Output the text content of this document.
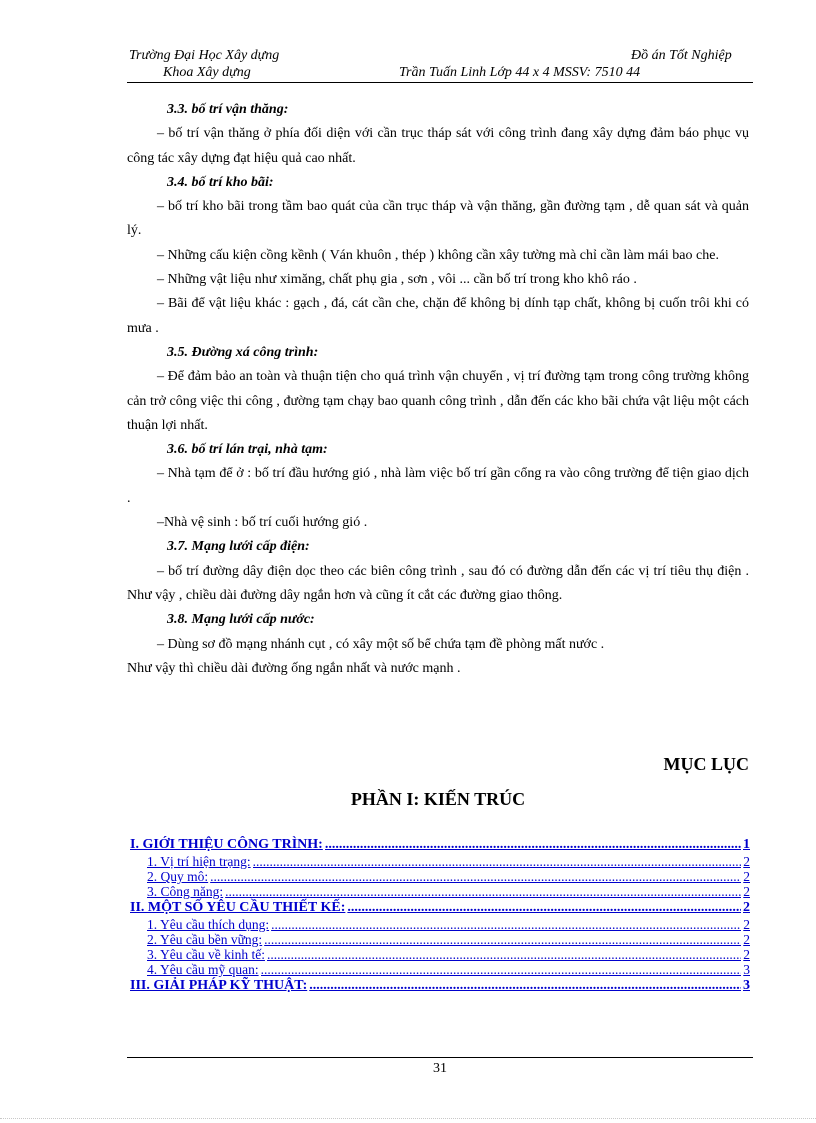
Trường Đại Học Xây dựng	Đồ án Tốt Nghiệp
Khoa Xây dựng	Trần Tuấn Linh Lớp 44 x 4 MSSV: 7510 44

3.3. bố trí vận thăng:

– bố trí vận thăng ở phía đối diện với cần trục tháp sát với công trình đang xây dựng đảm báo phục vụ công tác xây dựng đạt hiệu quả cao nhất.

3.4. bố trí kho bãi:

– bố trí kho bãi trong tầm bao quát của cần trục tháp và vận thăng, gần đường tạm , dễ quan sát và quản lý.

– Những cấu kiện cồng kềnh ( Ván khuôn , thép ) không cần xây tường mà chỉ cần làm mái bao che.

– Những vật liệu như ximăng, chất phụ gia , sơn , vôi ... cần bố trí trong kho khô ráo .

– Bãi để vật liệu khác : gạch , đá, cát cần che, chặn để không bị dính tạp chất, không bị cuốn trôi khi có mưa .

3.5. Đường xá công trình:

– Để đảm bảo an toàn và thuận tiện cho quá trình vận chuyển , vị trí đường tạm trong công trường không cản trở công việc thi công , đường tạm chạy bao quanh công trình , dẫn đến các kho bãi chứa vật liệu một cách thuận lợi nhất.

3.6. bố trí lán trại, nhà tạm:

– Nhà tạm để ở : bố trí đầu hướng gió , nhà làm việc bố trí gần cổng ra vào công trường để tiện giao dịch .

–Nhà vệ sinh : bố trí cuối hướng gió .

3.7. Mạng lưới cấp điện:

– bố trí đường dây điện dọc theo các biên công trình , sau đó có đường dẫn đến các vị trí tiêu thụ điện . Như vậy , chiều dài đường dây ngắn hơn và cũng ít cắt các đường giao thông.

3.8. Mạng lưới cấp nước:

– Dùng sơ đồ mạng nhánh cụt , có xây một số bể chứa tạm đề phòng mất nước .

Như vậy thì chiều dài đường ống ngắn nhất và nước mạnh .

MỤC LỤC
PHẦN I: KIẾN TRÚC
I. GIỚI THIỆU CÔNG TRÌNH: .....	1
1. Vị trí hiện trạng: .....	2
2. Quy mô: .....	2
3. Công năng: .....	2
II. MỘT SỐ YÊU CẦU THIẾT KẾ: .....	2
1. Yêu cầu thích dụng: .....	2
2. Yêu cầu bền vững: .....	2
3. Yêu cầu về kinh tế: .....	2
4. Yêu cầu mỹ quan: .....	3
III. GIẢI PHÁP KỸ THUẬT: .....	3
31
